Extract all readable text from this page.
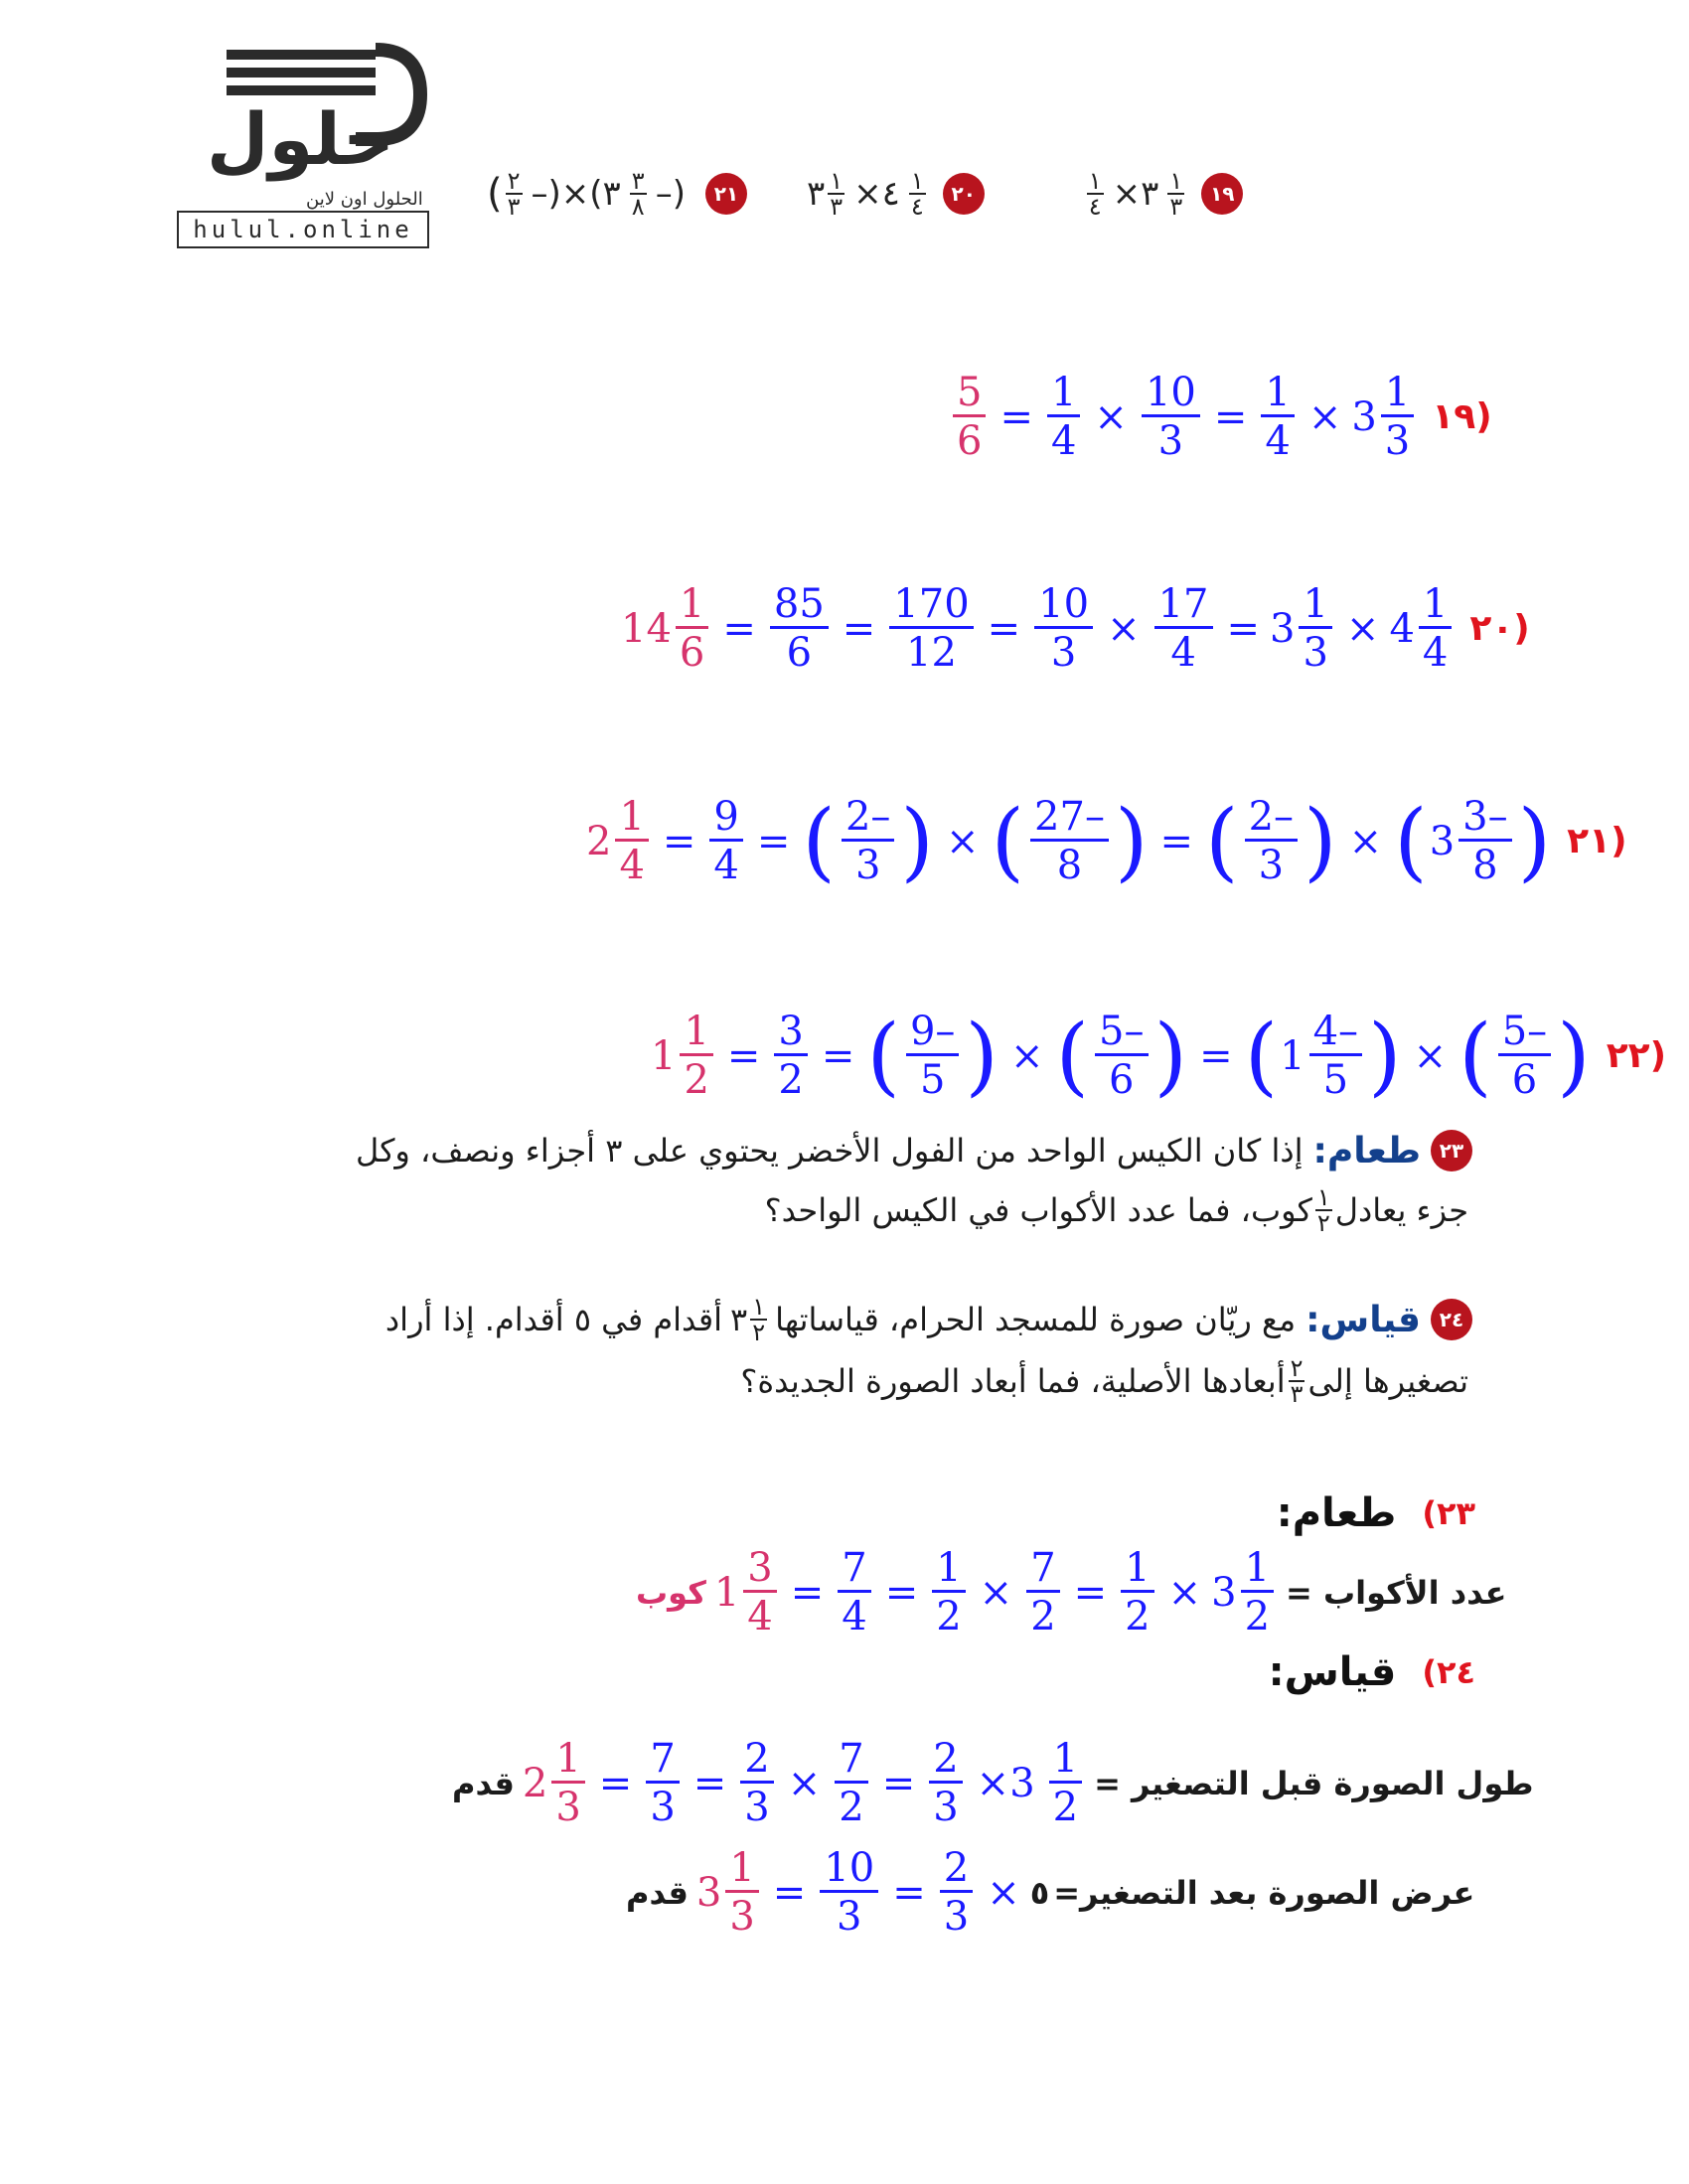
حلول
الحلول اون لاين
hulul.online
( ٢
٣ –)×(٣ ٣
٨ –)	٢١ ٣ ١
٣ ×٤ ١
٤	٢٠	١
٤ ×٣ ١
٣	١٩
$\frac{5}{6} = \frac{1}{4} \times \frac{10}{3} = \frac{1}{4} \times 3 \frac{1}{3}$ ١٩)
$14 \frac{1}{6} = \frac{85}{6} = \frac{170}{12} = \frac{10}{3} \times \frac{17}{4} = 3 \frac{1}{3} \times 4 \frac{1}{4}$ ٢٠)
$2 \frac{1}{4} = \frac{9}{4}$ = ( $\frac{2-}{3}$ ) × ( $\frac{27-}{8}$ ) = ( $\frac{2-}{3}$ ) × ( $3 \frac{3-}{8}$ ) ٢١)
$1 \frac{1}{2} = \frac{3}{2}$ = ( $\frac{9-}{5}$ ) × ( $\frac{5-}{6}$ ) = ( $1 \frac{4-}{5}$ ) × ( $\frac{5-}{6}$ ) ٢٢)
٢٣
طعام:
إذا كان الكيس الواحد من الفول الأخضر يحتوي على ٣ أجزاء ونصف، وكل
جزء يعادل
١
٢
كوب، فما عدد الأكواب في الكيس الواحد؟
٢٤
قياس:
مع ريّان صورة للمسجد الحرام، قياساتها
١
٢
٣
أقدام في ٥ أقدام. إذا أراد
تصغيرها إلى
٢
٣
أبعادها الأصلية، فما أبعاد الصورة الجديدة؟
٢٣)
طعام:
كوب $1 \frac{3}{4} = \frac{7}{4} = \frac{1}{2} \times \frac{7}{2} = \frac{1}{2} \times 3 \frac{1}{2}$ عدد الأكواب =
٢٤)
قياس:
قدم $2 \frac{1}{3} = \frac{7}{3} = \frac{2}{3} \times \frac{7}{2} = \frac{2}{3} \times 3 \frac{1}{2}$ طول الصورة قبل التصغير =
قدم $3 \frac{1}{3} = \frac{10}{3} = \frac{2}{3}$ × ٥ عرض الصورة بعد التصغير=
